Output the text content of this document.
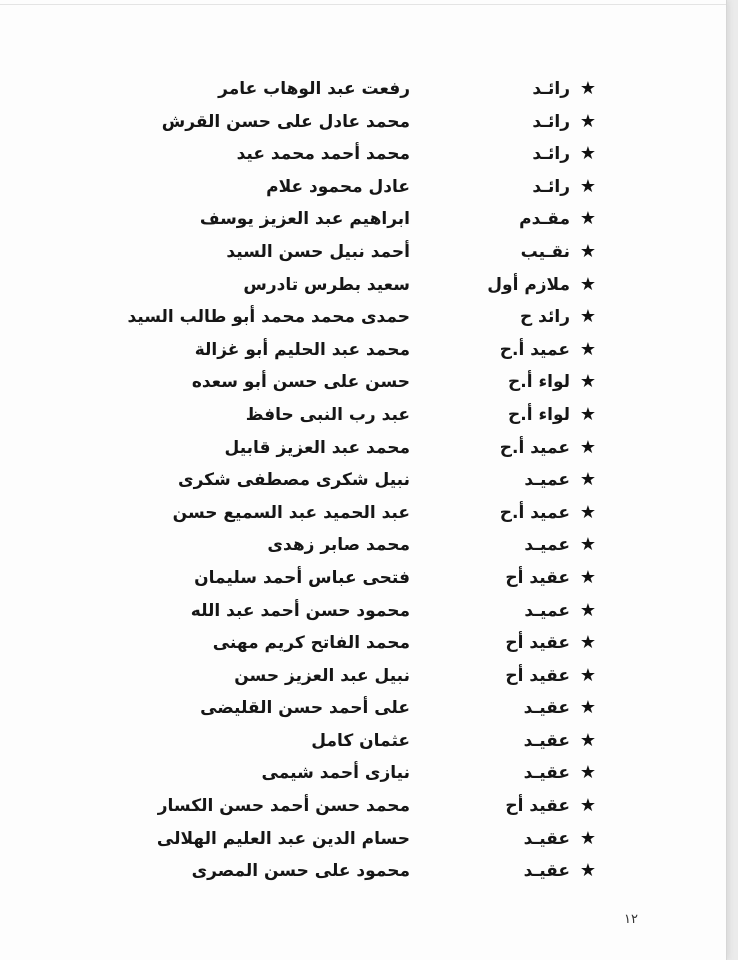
★
رائـد
رفعت عبد الوهاب عامر
★
رائـد
محمد عادل على حسن القرش
★
رائـد
محمد أحمد محمد عيد
★
رائـد
عادل محمود علام
★
مقـدم
ابراهيم عبد العزيز يوسف
★
نقـيب
أحمد نبيل حسن السيد
★
ملازم أول
سعيد بطرس تادرس
★
رائد ح
حمدى محمد محمد أبو طالب السيد
★
عميد أ.ح
محمد عبد الحليم أبو غزالة
★
لواء أ.ح
حسن على حسن أبو سعده
★
لواء أ.ح
عبد رب النبى حافظ
★
عميد أ.ح
محمد عبد العزيز قابيل
★
عميـد
نبيل شكرى مصطفى شكرى
★
عميد أ.ح
عبد الحميد عبد السميع حسن
★
عميـد
محمد صابر زهدى
★
عقيد أح
فتحى عباس أحمد سليمان
★
عميـد
محمود حسن أحمد عبد الله
★
عقيد أح
محمد الفاتح كريم مهنى
★
عقيد أح
نبيل عبد العزيز حسن
★
عقيـد
على أحمد حسن القليضى
★
عقيـد
عثمان كامل
★
عقيـد
نيازى أحمد شيمى
★
عقيد أح
محمد حسن أحمد حسن الكسار
★
عقيـد
حسام الدين عبد العليم الهلالى
★
عقيـد
محمود على حسن المصرى
١٢
